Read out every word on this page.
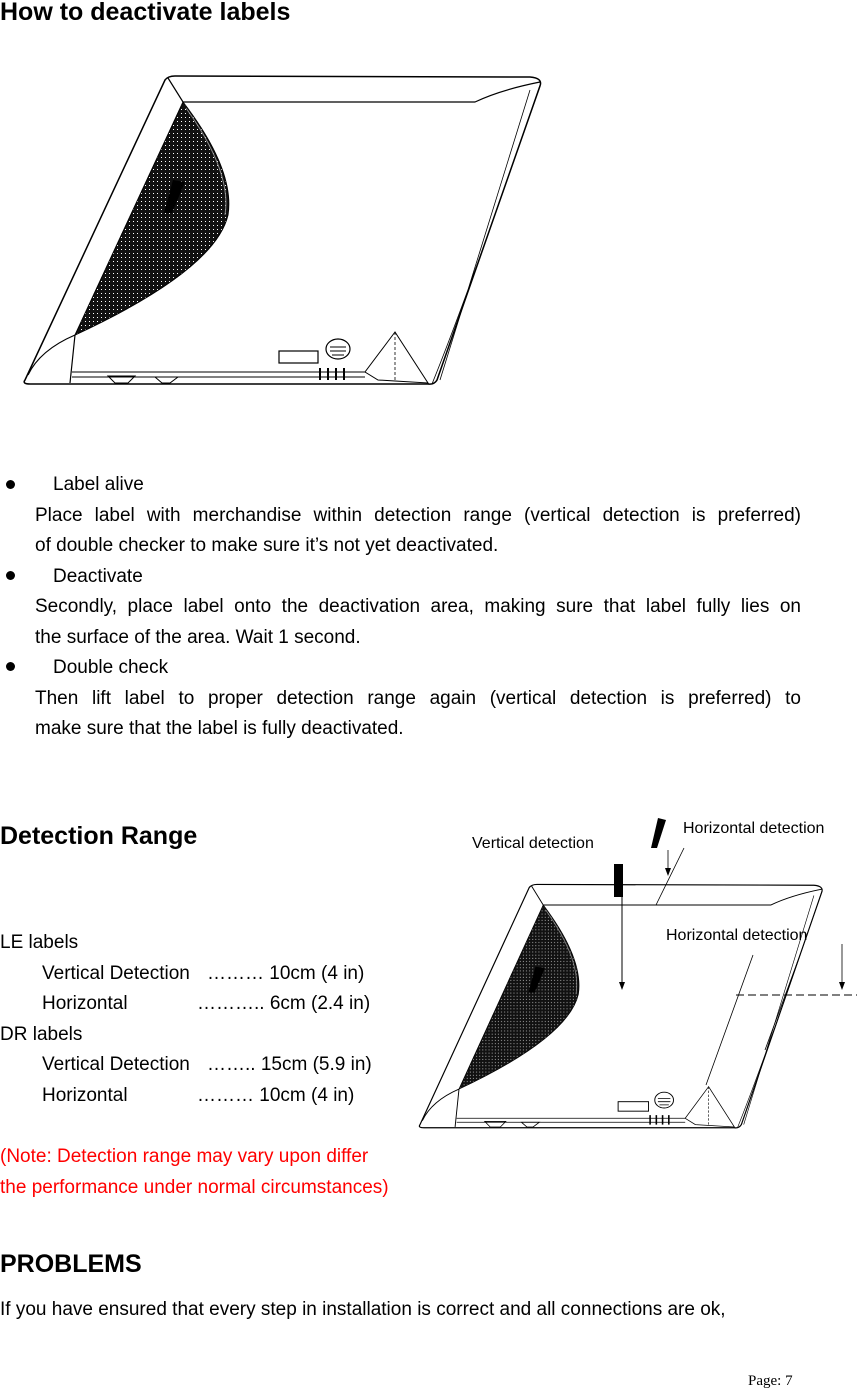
How to deactivate labels
Label alive
Place label with merchandise within detection range (vertical detection is preferred)
of double checker to make sure it’s not yet deactivated.
Deactivate
Secondly, place label onto the deactivation area, making sure that label fully lies on
the surface of the area. Wait 1 second.
Double check
Then lift label to proper detection range again (vertical detection is preferred) to
make sure that the label is fully deactivated.
Detection Range	Vertical detection
Horizontal detection
Horizontal detection
LE labels
Vertical Detection ……… 10cm (4 in)
Horizontal	……….. 6cm (2.4 in)
DR labels
Vertical Detection …….. 15cm (5.9 in)
Horizontal	……… 10cm (4 in)
(Note: Detection range may vary upon differ
the performance under normal circumstances)
PROBLEMS
If you have ensured that every step in installation is correct and all connections are ok,
Page: 7
